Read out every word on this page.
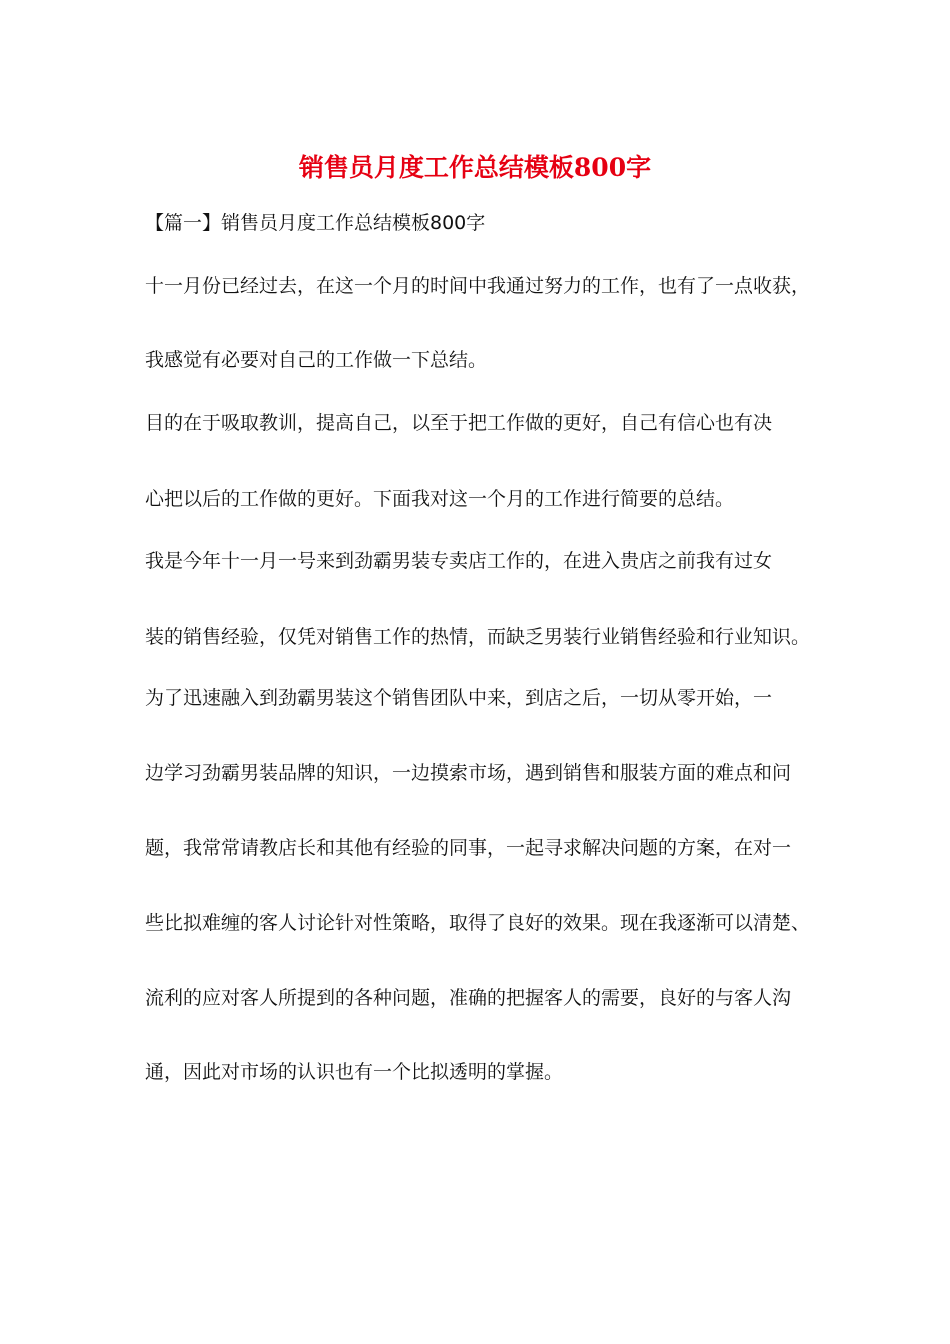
销售员月度工作总结模板800字
【篇一】销售员月度工作总结模板800字
十一月份已经过去，在这一个月的时间中我通过努力的工作，也有了一点收获，
我感觉有必要对自己的工作做一下总结。
目的在于吸取教训，提高自己，以至于把工作做的更好，自己有信心也有决
心把以后的工作做的更好。下面我对这一个月的工作进行简要的总结。
我是今年十一月一号来到劲霸男装专卖店工作的，在进入贵店之前我有过女
装的销售经验，仅凭对销售工作的热情，而缺乏男装行业销售经验和行业知识。
为了迅速融入到劲霸男装这个销售团队中来，到店之后，一切从零开始，一
边学习劲霸男装品牌的知识，一边摸索市场，遇到销售和服装方面的难点和问
题，我常常请教店长和其他有经验的同事，一起寻求解决问题的方案，在对一
些比拟难缠的客人讨论针对性策略，取得了良好的效果。现在我逐渐可以清楚、
流利的应对客人所提到的各种问题，准确的把握客人的需要，良好的与客人沟
通，因此对市场的认识也有一个比拟透明的掌握。
